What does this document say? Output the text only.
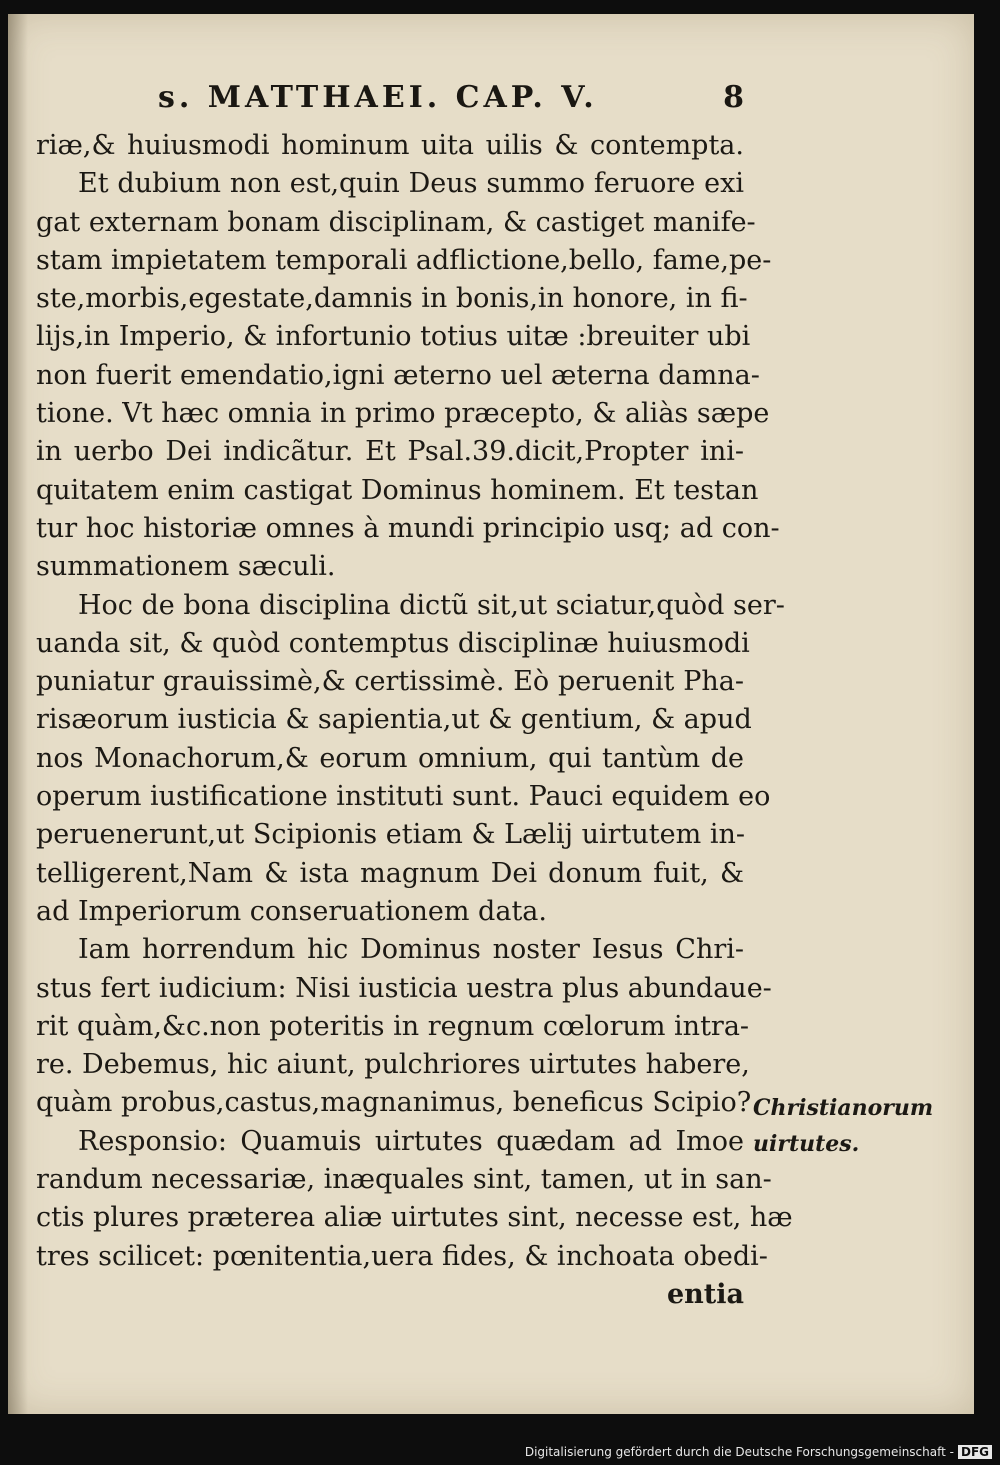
s. MATTHAEI. CAP. V.	8
riæ,& huiusmodi hominum uita uilis & contempta.
Et dubium non est,quin Deus summo feruore exi
gat externam bonam disciplinam, & castiget manife-
stam impietatem temporali adflictione,bello, fame,pe-
ste,morbis,egestate,damnis in bonis,in honore, in fi-
lijs,in Imperio, & infortunio totius uitæ :breuiter ubi
non fuerit emendatio,igni æterno uel æterna damna-
tione. Vt hæc omnia in primo præcepto, & aliàs sæpe
in uerbo Dei indicãtur. Et Psal.39.dicit,Propter ini-
quitatem enim castigat Dominus hominem. Et testan
tur hoc historiæ omnes à mundi principio usq; ad con-
summationem sæculi.
Hoc de bona disciplina dictũ sit,ut sciatur,quòd ser-
uanda sit, & quòd contemptus disciplinæ huiusmodi
puniatur grauissimè,& certissimè. Eò peruenit Pha-
risæorum iusticia & sapientia,ut & gentium, & apud
nos Monachorum,& eorum omnium, qui tantùm de
operum iustificatione instituti sunt. Pauci equidem eo
peruenerunt,ut Scipionis etiam & Lælij uirtutem in-
telligerent,Nam & ista magnum Dei donum fuit, &
ad Imperiorum conseruationem data.
Iam horrendum hic Dominus noster Iesus Chri-
stus fert iudicium: Nisi iusticia uestra plus abundaue-
rit quàm,&c.non poteritis in regnum cœlorum intra-
re. Debemus, hic aiunt, pulchriores uirtutes habere,
quàm probus,castus,magnanimus, beneficus Scipio?
Responsio: Quamuis uirtutes quædam ad Imoe
randum necessariæ, inæquales sint, tamen, ut in san-
ctis plures præterea aliæ uirtutes sint, necesse est, hæ
tres scilicet: pœnitentia,uera fides, & inchoata obedi-
entia
Christianorum
uirtutes.
Digitalisierung gefördert durch die Deutsche Forschungsgemeinschaft - DFG
